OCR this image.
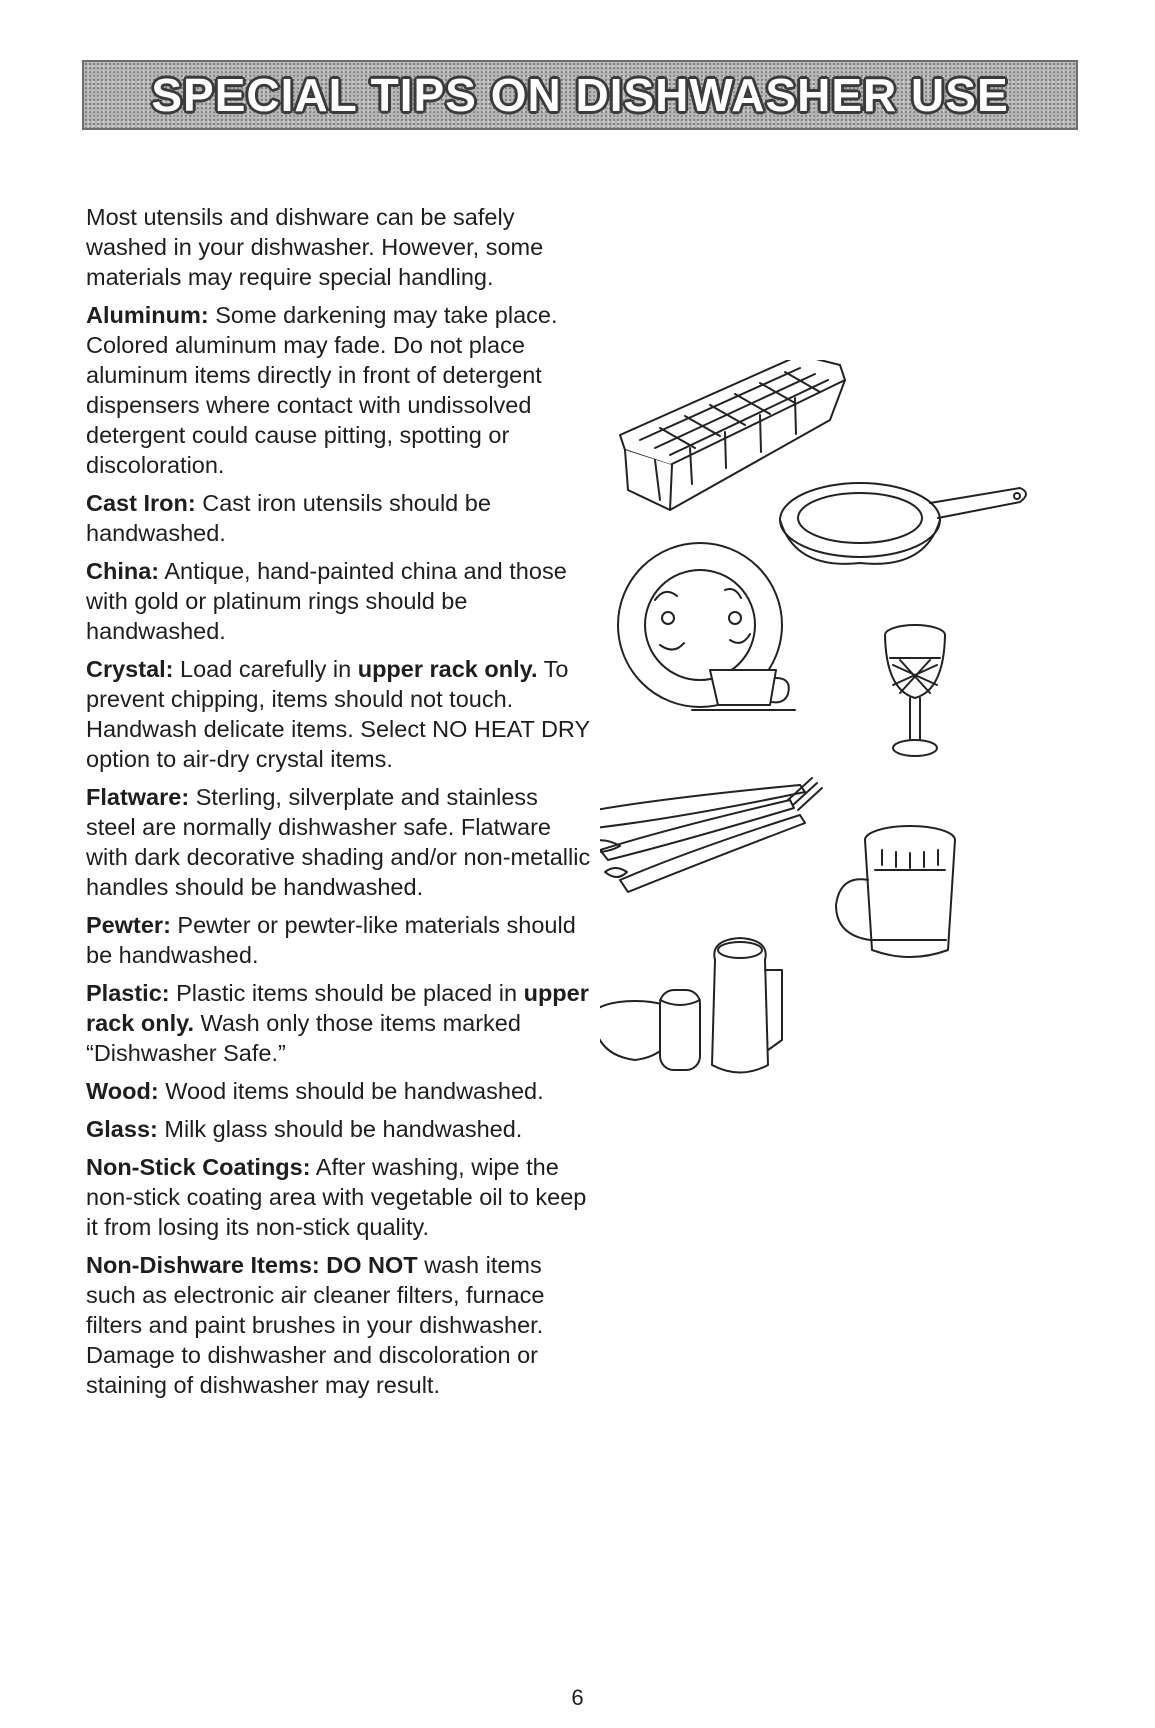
SPECIAL TIPS ON DISHWASHER USE

Most utensils and dishware can be safely washed in your dishwasher. However, some materials may require special handling.

Aluminum: Some darkening may take place. Colored aluminum may fade. Do not place aluminum items directly in front of detergent dispensers where contact with undissolved detergent could cause pitting, spotting or discoloration.

Cast Iron: Cast iron utensils should be handwashed.

China: Antique, hand-painted china and those with gold or platinum rings should be handwashed.

Crystal: Load carefully in upper rack only. To prevent chipping, items should not touch. Handwash delicate items. Select NO HEAT DRY option to air-dry crystal items.

Flatware: Sterling, silverplate and stainless steel are normally dishwasher safe. Flatware with dark decorative shading and/or non-metallic handles should be handwashed.

Pewter: Pewter or pewter-like materials should be handwashed.

Plastic: Plastic items should be placed in upper rack only. Wash only those items marked “Dishwasher Safe.”

Wood: Wood items should be handwashed.

Glass: Milk glass should be handwashed.

Non-Stick Coatings: After washing, wipe the non-stick coating area with vegetable oil to keep it from losing its non-stick quality.

Non-Dishware Items: DO NOT wash items such as electronic air cleaner filters, furnace filters and paint brushes in your dishwasher. Damage to dishwasher and discoloration or staining of dishwasher may result.

6
